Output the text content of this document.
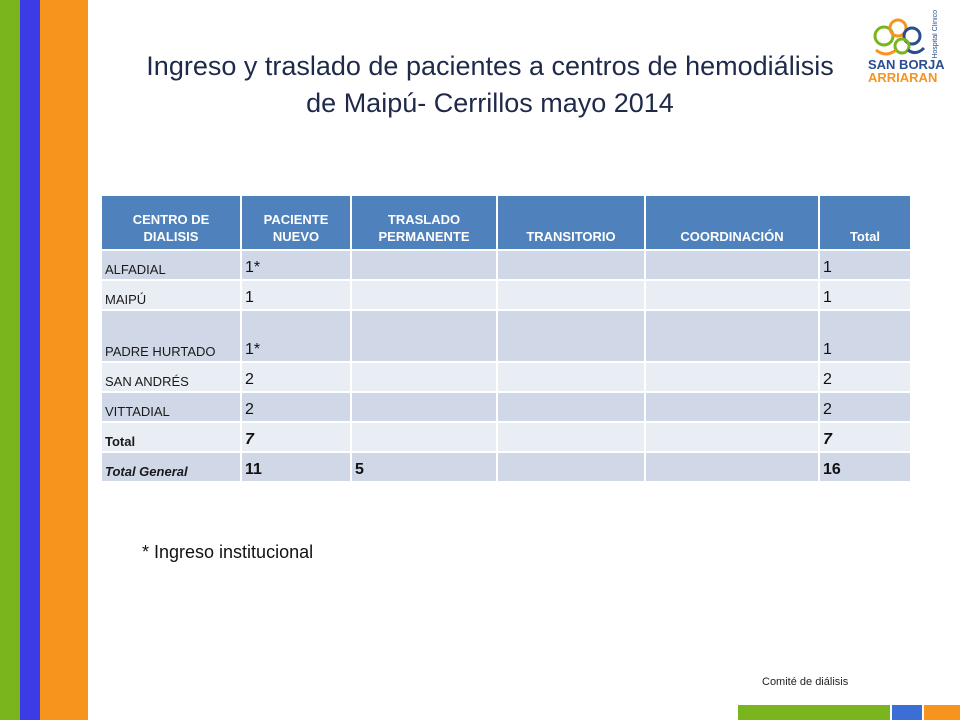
Ingreso y traslado de pacientes a centros de hemodiálisis
de Maipú- Cerrillos mayo 2014
Hospital Clínico
SAN BORJA
ARRIARAN
CENTRO DE DIALISIS	PACIENTE NUEVO	TRASLADO PERMANENTE	TRANSITORIO	COORDINACIÓN	Total
ALFADIAL	1*				1
MAIPÚ	1				1
PADRE HURTADO	1*				1
SAN ANDRÉS	2				2
VITTADIAL	2				2
Total	7				7
Total General	11	5			16
* Ingreso institucional
Comité de diálisis
